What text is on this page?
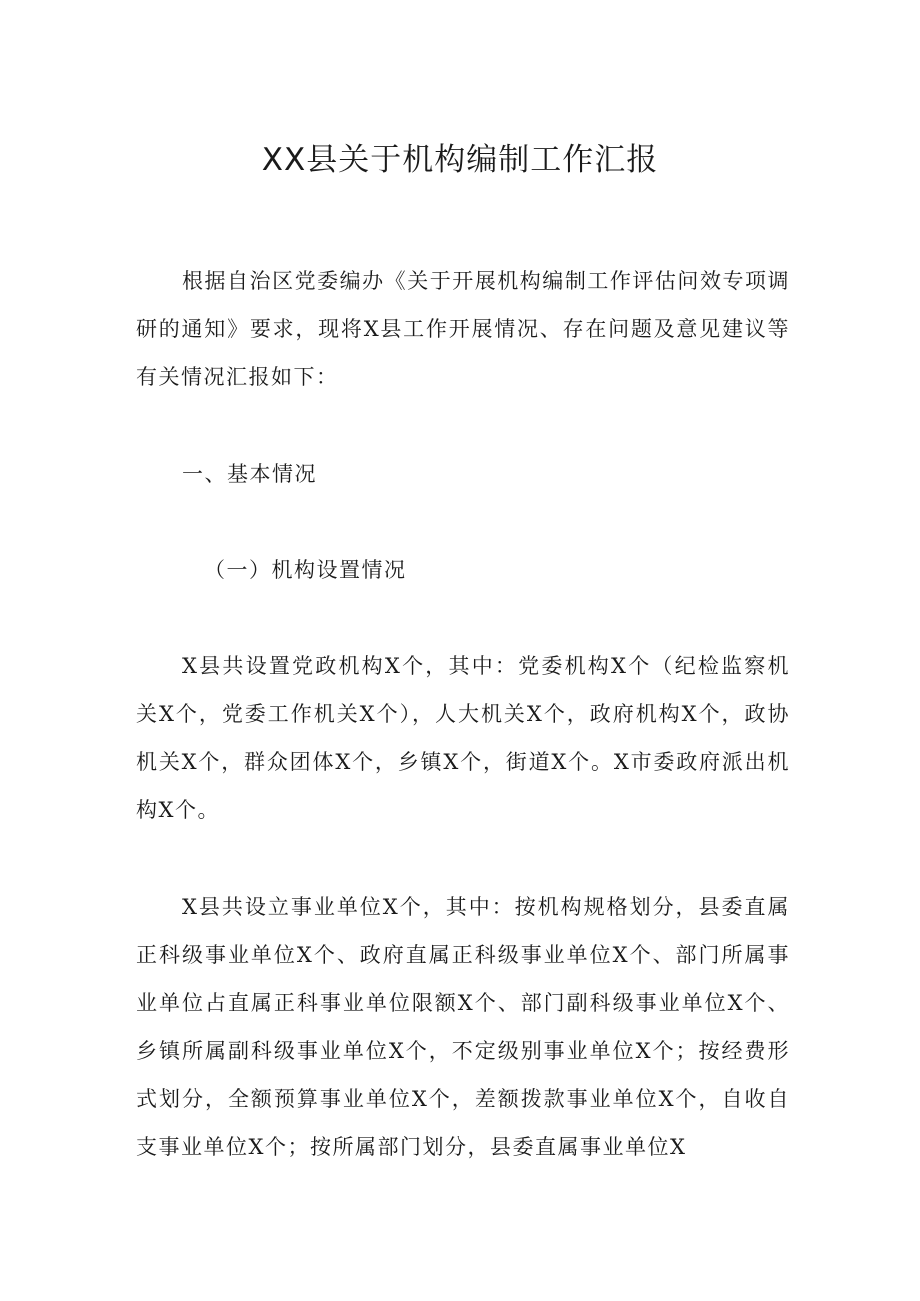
XX县关于机构编制工作汇报

根据自治区党委编办《关于开展机构编制工作评估问效专项调研的通知》要求，现将X县工作开展情况、存在问题及意见建议等有关情况汇报如下：

一、基本情况

（一）机构设置情况

X县共设置党政机构X个，其中：党委机构X个（纪检监察机关X个，党委工作机关X个），人大机关X个，政府机构X个，政协机关X个，群众团体X个，乡镇X个，街道X个。X市委政府派出机构X个。

X县共设立事业单位X个，其中：按机构规格划分，县委直属正科级事业单位X个、政府直属正科级事业单位X个、部门所属事业单位占直属正科事业单位限额X个、部门副科级事业单位X个、乡镇所属副科级事业单位X个，不定级别事业单位X个；按经费形式划分，全额预算事业单位X个，差额拨款事业单位X个，自收自支事业单位X个；按所属部门划分，县委直属事业单位X
